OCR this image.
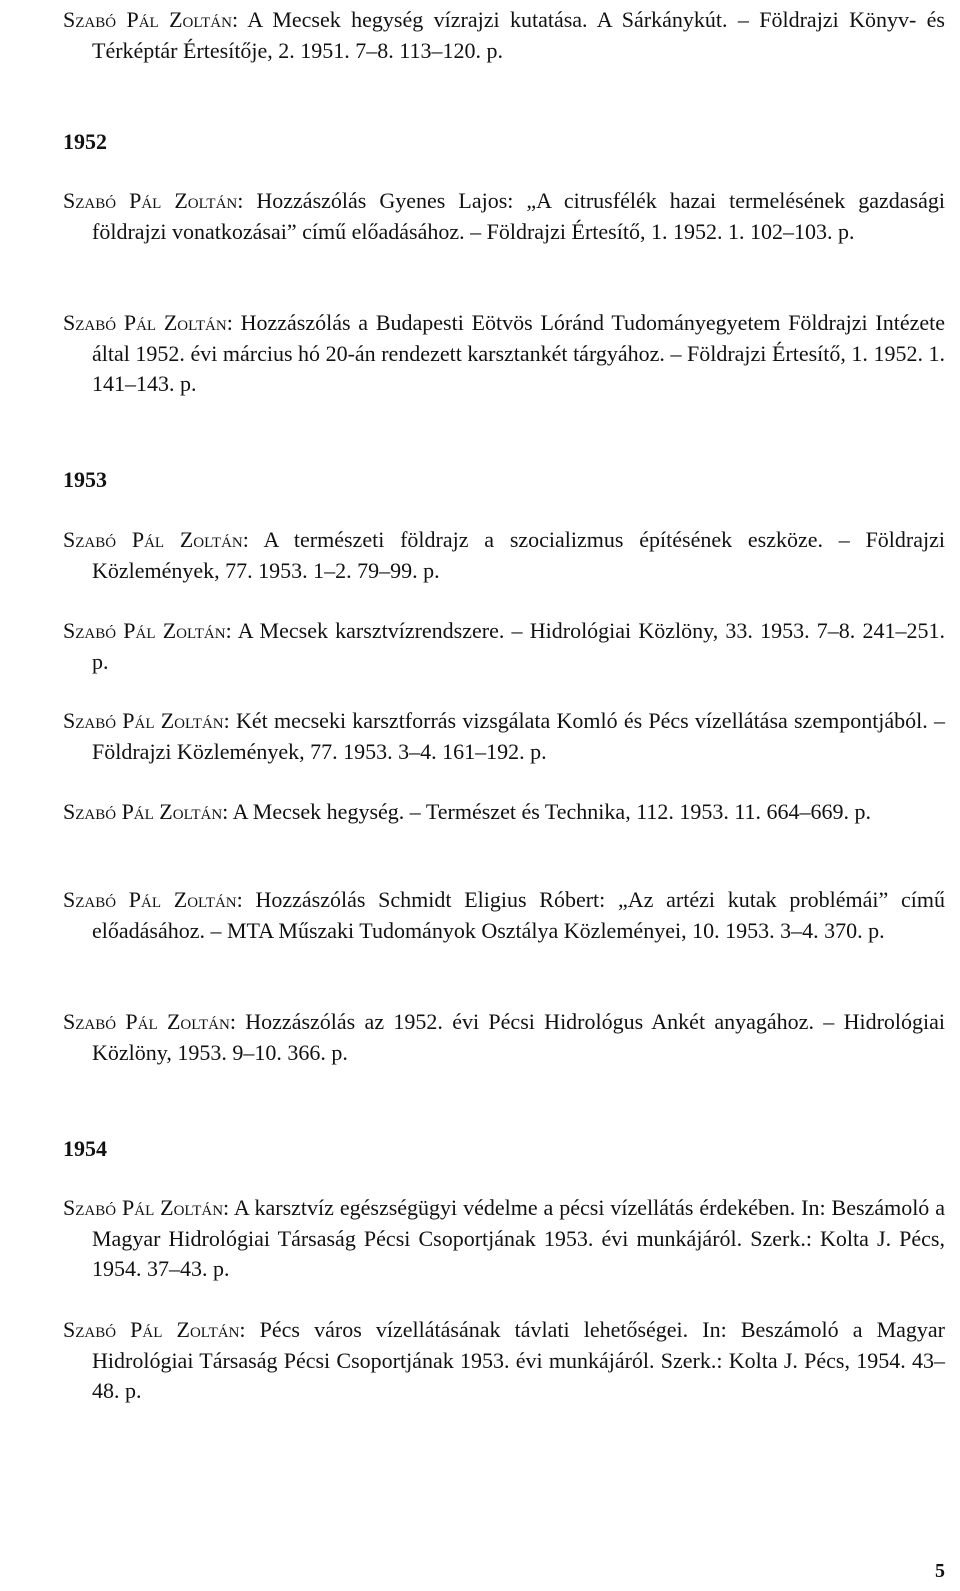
Szabó Pál Zoltán: A Mecsek hegység vízrajzi kutatása. A Sárkánykút. – Földrajzi Könyv- és Térképtár Értesítője, 2. 1951. 7–8. 113–120. p.
1952
Szabó Pál Zoltán: Hozzászólás Gyenes Lajos: „A citrusfélék hazai termelésének gazdasági földrajzi vonatkozásai” című előadásához. – Földrajzi Értesítő, 1. 1952. 1. 102–103. p.
Szabó Pál Zoltán: Hozzászólás a Budapesti Eötvös Lóránd Tudományegyetem Földrajzi Intézete által 1952. évi március hó 20-án rendezett karsztankét tárgyához. – Földrajzi Értesítő, 1. 1952. 1. 141–143. p.
1953
Szabó Pál Zoltán: A természeti földrajz a szocializmus építésének eszköze. – Földrajzi Közlemények, 77. 1953. 1–2. 79–99. p.
Szabó Pál Zoltán: A Mecsek karsztvízrendszere. – Hidrológiai Közlöny, 33. 1953. 7–8. 241–251. p.
Szabó Pál Zoltán: Két mecseki karsztforrás vizsgálata Komló és Pécs vízellátása szempontjából. – Földrajzi Közlemények, 77. 1953. 3–4. 161–192. p.
Szabó Pál Zoltán: A Mecsek hegység. – Természet és Technika, 112. 1953. 11. 664–669. p.
Szabó Pál Zoltán: Hozzászólás Schmidt Eligius Róbert: „Az artézi kutak problémái” című előadásához. – MTA Műszaki Tudományok Osztálya Közleményei, 10. 1953. 3–4. 370. p.
Szabó Pál Zoltán: Hozzászólás az 1952. évi Pécsi Hidrológus Ankét anyagához. – Hidrológiai Közlöny, 1953. 9–10. 366. p.
1954
Szabó Pál Zoltán: A karsztvíz egészségügyi védelme a pécsi vízellátás érdekében. In: Beszámoló a Magyar Hidrológiai Társaság Pécsi Csoportjának 1953. évi munkájáról. Szerk.: Kolta J. Pécs, 1954. 37–43. p.
Szabó Pál Zoltán: Pécs város vízellátásának távlati lehetőségei. In: Beszámoló a Magyar Hidrológiai Társaság Pécsi Csoportjának 1953. évi munkájáról. Szerk.: Kolta J. Pécs, 1954. 43–48. p.
5
